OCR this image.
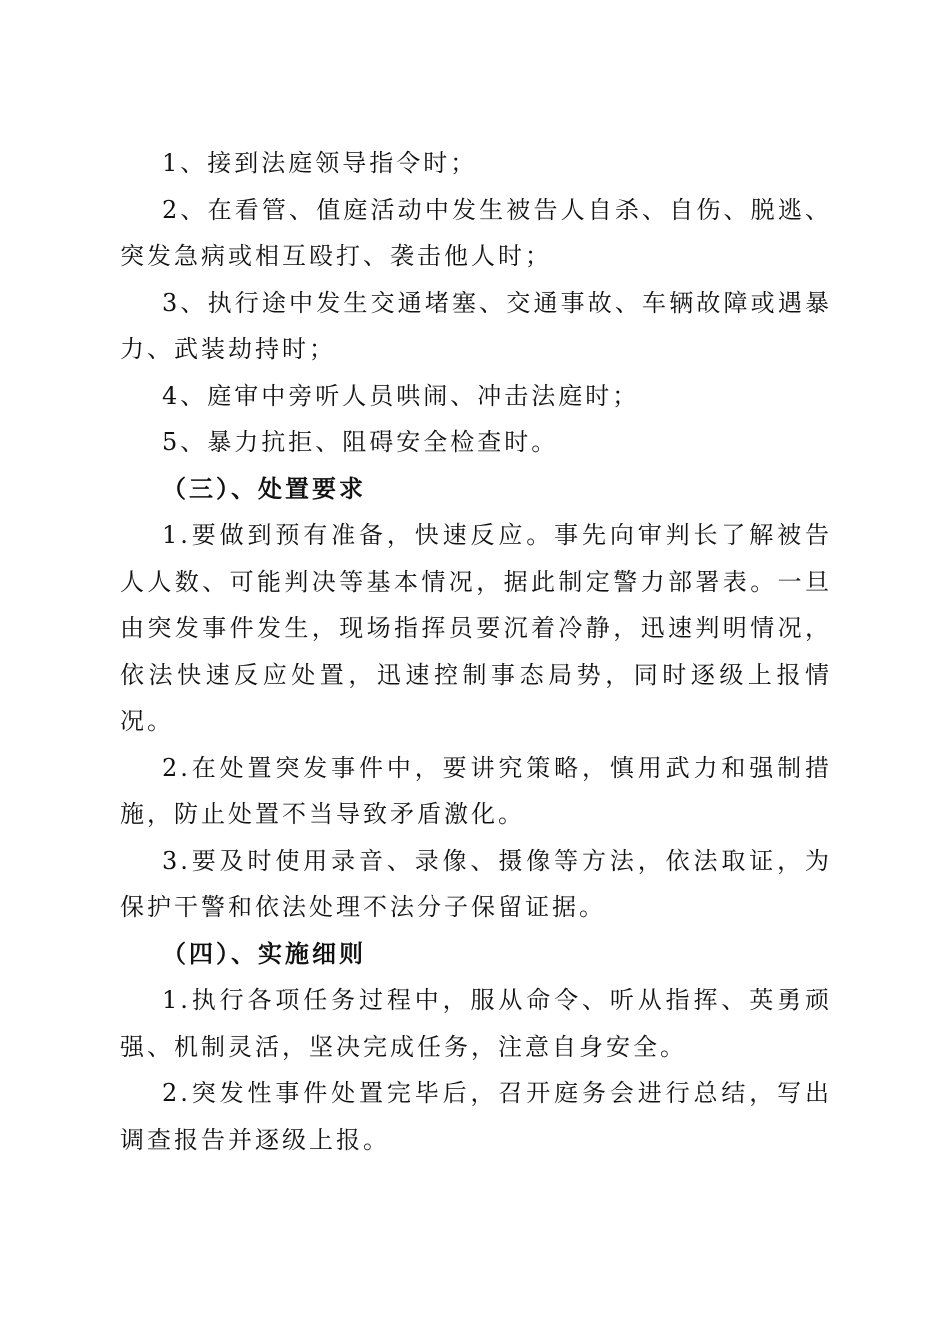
1、接到法庭领导指令时；

2、在看管、值庭活动中发生被告人自杀、自伤、脱逃、突发急病或相互殴打、袭击他人时；

3、执行途中发生交通堵塞、交通事故、车辆故障或遇暴力、武装劫持时；

4、庭审中旁听人员哄闹、冲击法庭时；

5、暴力抗拒、阻碍安全检查时。

（三）、处置要求

1.要做到预有准备，快速反应。事先向审判长了解被告人人数、可能判决等基本情况，据此制定警力部署表。一旦由突发事件发生，现场指挥员要沉着冷静，迅速判明情况，依法快速反应处置，迅速控制事态局势，同时逐级上报情况。

2.在处置突发事件中，要讲究策略，慎用武力和强制措施，防止处置不当导致矛盾激化。

3.要及时使用录音、录像、摄像等方法，依法取证，为保护干警和依法处理不法分子保留证据。

（四）、实施细则

1.执行各项任务过程中，服从命令、听从指挥、英勇顽强、机制灵活，坚决完成任务，注意自身安全。

2.突发性事件处置完毕后，召开庭务会进行总结，写出调查报告并逐级上报。
